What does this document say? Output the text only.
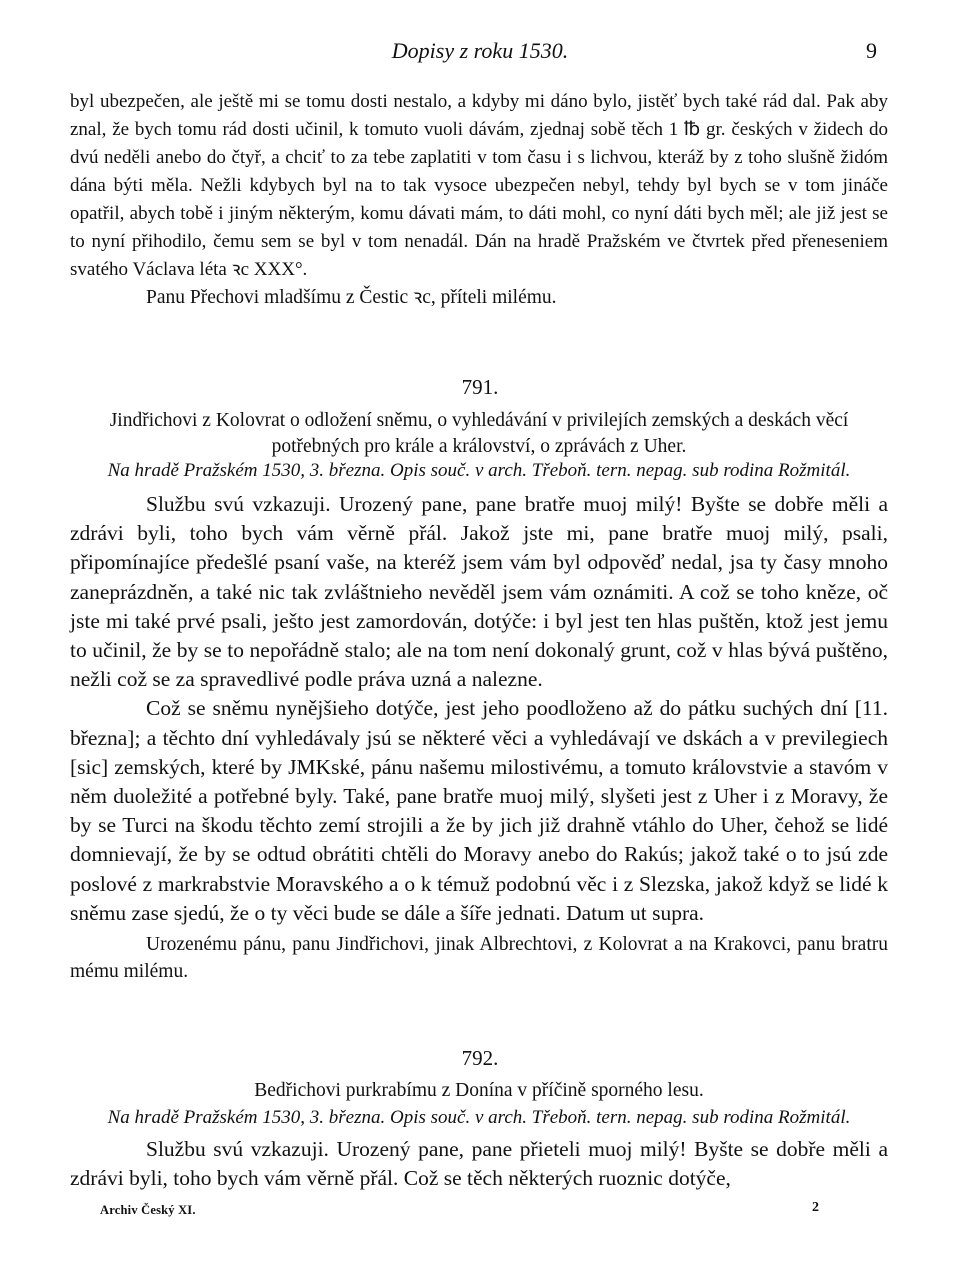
Dopisy z roku 1530.	9

byl ubezpečen, ale ještě mi se tomu dosti nestalo, a kdyby mi dáno bylo, jistěť bych také rád dal. Pak aby znal, že bych tomu rád dosti učinil, k tomuto vuoli dávám, zjednaj sobě těch 1 ℔ gr. českých v židech do dvú neděli anebo do čtyř, a chciť to za tebe zaplatiti v tom času i s lichvou, kteráž by z toho slušně židóm dána býti měla. Nežli kdybych byl na to tak vysoce ubezpečen nebyl, tehdy byl bych se v tom jináče opatřil, abych tobě i jiným některým, komu dávati mám, to dáti mohl, co nyní dáti bych měl; ale již jest se to nyní přihodilo, čemu sem se byl v tom nenadál. Dán na hradě Pražském ve čtvrtek před přeneseniem svatého Václava léta ꝛc XXX°.

Panu Přechovi mladšímu z Čestic ꝛc, příteli milému.

791.
Jindřichovi z Kolovrat o odložení sněmu, o vyhledávání v privilejích zemských a deskách věcí potřebných pro krále a království, o zprávách z Uher.
Na hradě Pražském 1530, 3. března. Opis souč. v arch. Třeboň. tern. nepag. sub rodina Rožmitál.

Službu svú vzkazuji. Urozený pane, pane bratře muoj milý! Byšte se dobře měli a zdrávi byli, toho bych vám věrně přál. Jakož jste mi, pane bratře muoj milý, psali, připomínajíce předešlé psaní vaše, na kteréž jsem vám byl odpověď nedal, jsa ty časy mnoho zaneprázdněn, a také nic tak zvláštnieho nevěděl jsem vám oznámiti. A což se toho kněze, oč jste mi také prvé psali, ješto jest zamordován, dotýče: i byl jest ten hlas puštěn, ktož jest jemu to učinil, že by se to nepořádně stalo; ale na tom není dokonalý grunt, což v hlas bývá puštěno, nežli což se za spravedlivé podle práva uzná a nalezne.

Což se sněmu nynějšieho dotýče, jest jeho poodloženo až do pátku suchých dní [11. března]; a těchto dní vyhledávaly jsú se některé věci a vyhledávají ve dskách a v previlegiech [sic] zemských, které by JMKské, pánu našemu milostivému, a tomuto královstvie a stavóm v něm duoležité a potřebné byly. Také, pane bratře muoj milý, slyšeti jest z Uher i z Moravy, že by se Turci na škodu těchto zemí strojili a že by jich již drahně vtáhlo do Uher, čehož se lidé domnievají, že by se odtud obrátiti chtěli do Moravy anebo do Rakús; jakož také o to jsú zde poslové z markrabstvie Moravského a o k témuž podobnú věc i z Slezska, jakož když se lidé k sněmu zase sjedú, že o ty věci bude se dále a šíře jednati. Datum ut supra.

Urozenému pánu, panu Jindřichovi, jinak Albrechtovi, z Kolovrat a na Krakovci, panu bratru mému milému.

792.
Bedřichovi purkrabímu z Donína v příčině sporného lesu.
Na hradě Pražském 1530, 3. března. Opis souč. v arch. Třeboň. tern. nepag. sub rodina Rožmitál.

Službu svú vzkazuji. Urozený pane, pane přieteli muoj milý! Byšte se dobře měli a zdrávi byli, toho bych vám věrně přál. Což se těch některých ruoznic dotýče,

Archiv Český XI.	2
